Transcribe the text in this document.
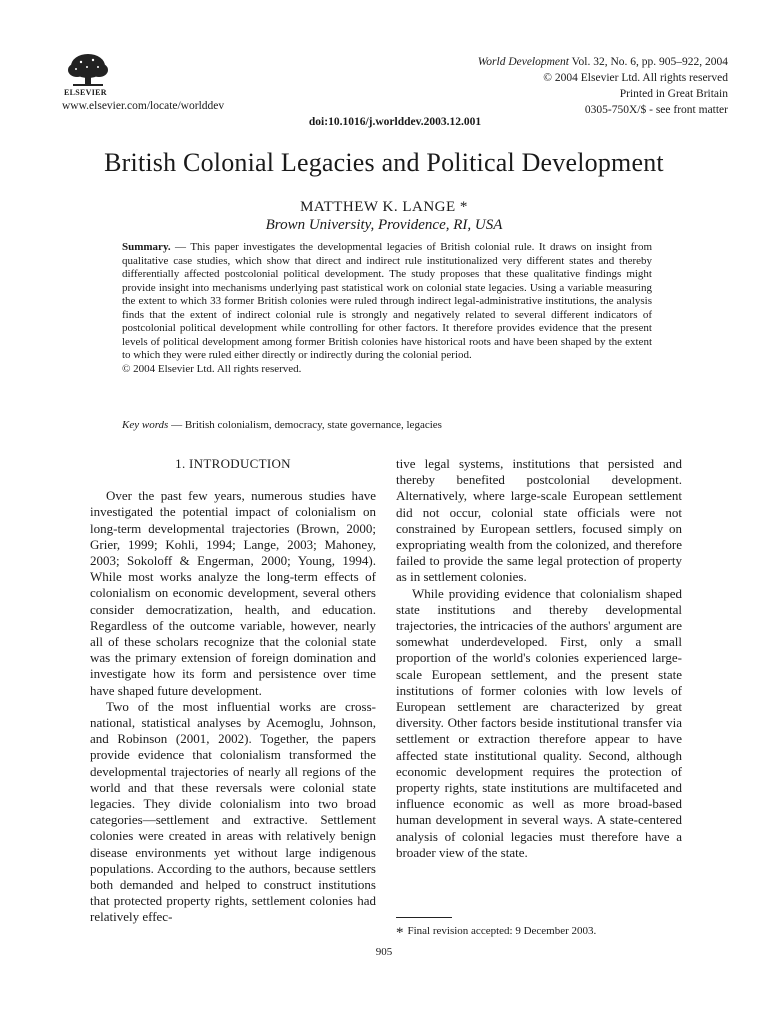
ELSEVIER
www.elsevier.com/locate/worlddev
World Development Vol. 32, No. 6, pp. 905–922, 2004
© 2004 Elsevier Ltd. All rights reserved
Printed in Great Britain
0305-750X/$ - see front matter
doi:10.1016/j.worlddev.2003.12.001
British Colonial Legacies and Political Development
MATTHEW K. LANGE *
Brown University, Providence, RI, USA
Summary. — This paper investigates the developmental legacies of British colonial rule. It draws on insight from qualitative case studies, which show that direct and indirect rule institutionalized very different states and thereby differentially affected postcolonial political development. The study proposes that these qualitative findings might provide insight into mechanisms underlying past statistical work on colonial state legacies. Using a variable measuring the extent to which 33 former British colonies were ruled through indirect legal-administrative institutions, the analysis finds that the extent of indirect colonial rule is strongly and negatively related to several different indicators of postcolonial political development while controlling for other factors. It therefore provides evidence that the present levels of political development among former British colonies have historical roots and have been shaped by the extent to which they were ruled either directly or indirectly during the colonial period.
© 2004 Elsevier Ltd. All rights reserved.
Key words — British colonialism, democracy, state governance, legacies
1. INTRODUCTION

Over the past few years, numerous studies have investigated the potential impact of colonialism on long-term developmental trajectories (Brown, 2000; Grier, 1999; Kohli, 1994; Lange, 2003; Mahoney, 2003; Sokoloff & Engerman, 2000; Young, 1994). While most works analyze the long-term effects of colonialism on economic development, several others consider democratization, health, and education. Regardless of the outcome variable, however, nearly all of these scholars recognize that the colonial state was the primary extension of foreign domination and investigate how its form and persistence over time have shaped future development.

Two of the most influential works are cross-national, statistical analyses by Acemoglu, Johnson, and Robinson (2001, 2002). Together, the papers provide evidence that colonialism transformed the developmental trajectories of nearly all regions of the world and that these reversals were colonial state legacies. They divide colonialism into two broad categories—settlement and extractive. Settlement colonies were created in areas with relatively benign disease environments yet without large indigenous populations. According to the authors, because settlers both demanded and helped to construct institutions that protected property rights, settlement colonies had relatively effec-

tive legal systems, institutions that persisted and thereby benefited postcolonial development. Alternatively, where large-scale European settlement did not occur, colonial state officials were not constrained by European settlers, focused simply on expropriating wealth from the colonized, and therefore failed to provide the same legal protection of property as in settlement colonies.

While providing evidence that colonialism shaped state institutions and thereby developmental trajectories, the intricacies of the authors' argument are somewhat underdeveloped. First, only a small proportion of the world's colonies experienced large-scale European settlement, and the present state institutions of former colonies with low levels of European settlement are characterized by great diversity. Other factors beside institutional transfer via settlement or extraction therefore appear to have affected state institutional quality. Second, although economic development requires the protection of property rights, state institutions are multifaceted and influence economic as well as more broad-based human development in several ways. A state-centered analysis of colonial legacies must therefore have a broader view of the state.

* Final revision accepted: 9 December 2003.
905
